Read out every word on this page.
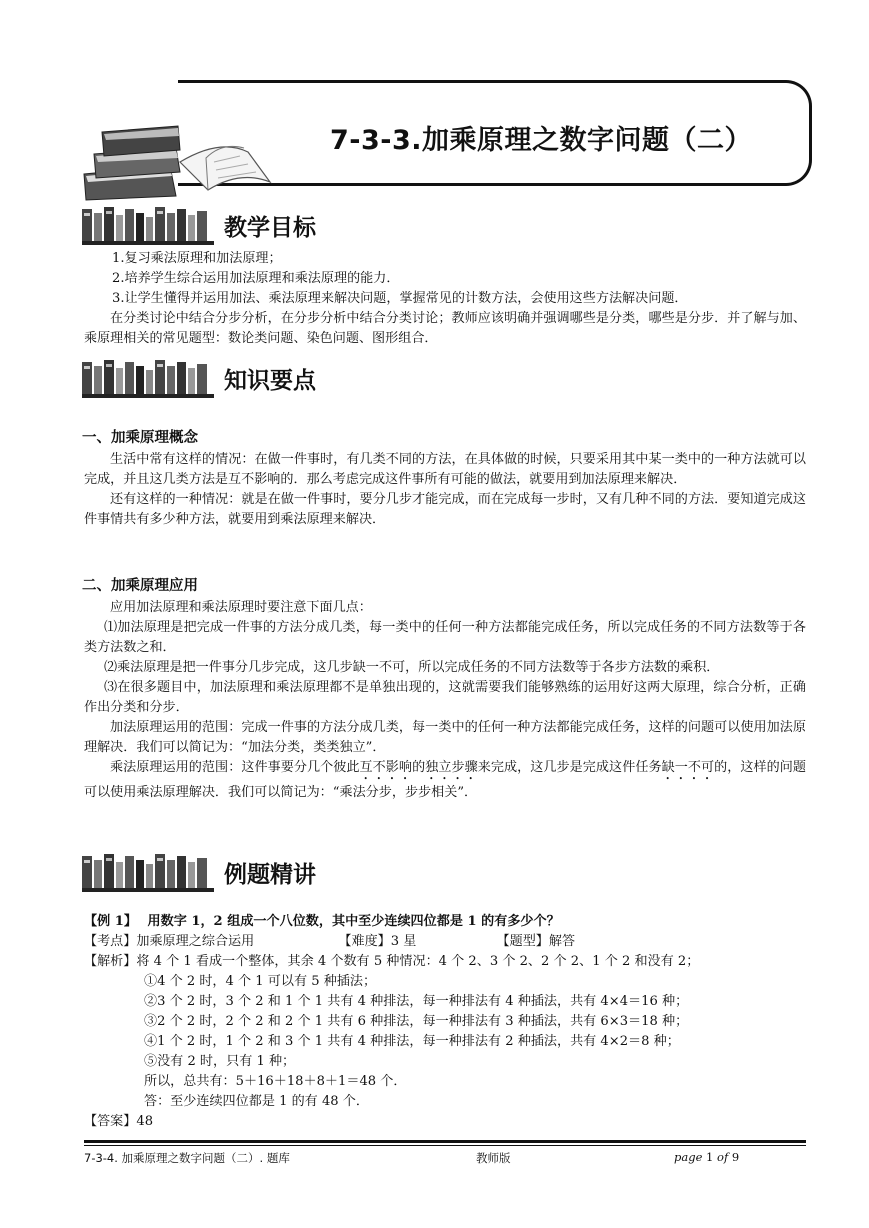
7-3-3.加乘原理之数字问题（二）
教学目标

1.复习乘法原理和加法原理；

2.培养学生综合运用加法原理和乘法原理的能力．

3.让学生懂得并运用加法、乘法原理来解决问题，掌握常见的计数方法，会使用这些方法解决问题．

在分类讨论中结合分步分析，在分步分析中结合分类讨论；教师应该明确并强调哪些是分类，哪些是分步．并了解与加、乘原理相关的常见题型：数论类问题、染色问题、图形组合．

知识要点
一、加乘原理概念

生活中常有这样的情况：在做一件事时，有几类不同的方法，在具体做的时候，只要采用其中某一类中的一种方法就可以完成，并且这几类方法是互不影响的．那么考虑完成这件事所有可能的做法，就要用到加法原理来解决．

还有这样的一种情况：就是在做一件事时，要分几步才能完成，而在完成每一步时，又有几种不同的方法．要知道完成这件事情共有多少种方法，就要用到乘法原理来解决．

二、加乘原理应用

应用加法原理和乘法原理时要注意下面几点：

⑴加法原理是把完成一件事的方法分成几类，每一类中的任何一种方法都能完成任务，所以完成任务的不同方法数等于各类方法数之和．

⑵乘法原理是把一件事分几步完成，这几步缺一不可，所以完成任务的不同方法数等于各步方法数的乘积．

⑶在很多题目中，加法原理和乘法原理都不是单独出现的，这就需要我们能够熟练的运用好这两大原理，综合分析，正确作出分类和分步．

加法原理运用的范围：完成一件事的方法分成几类，每一类中的任何一种方法都能完成任务，这样的问题可以使用加法原理解决．我们可以简记为：“加法分类，类类独立”．

乘法原理运用的范围：这件事要分几个彼此互不影响的独立步骤来完成，这几步是完成这件任务缺一不可的，这样的问题可以使用乘法原理解决．我们可以简记为：“乘法分步，步步相关”．

例题精讲
【例 1】 用数字 1，2 组成一个八位数，其中至少连续四位都是 1 的有多少个？
【考点】加乘原理之综合运用	【难度】3 星	【题型】解答
【解析】将 4 个 1 看成一个整体，其余 4 个数有 5 种情况：4 个 2、3 个 2、2 个 2、1 个 2 和没有 2；
①4 个 2 时，4 个 1 可以有 5 种插法；
②3 个 2 时，3 个 2 和 1 个 1 共有 4 种排法，每一种排法有 4 种插法，共有 4×4＝16 种；
③2 个 2 时，2 个 2 和 2 个 1 共有 6 种排法，每一种排法有 3 种插法，共有 6×3＝18 种；
④1 个 2 时，1 个 2 和 3 个 1 共有 4 种排法，每一种排法有 2 种插法，共有 4×2＝8 种；
⑤没有 2 时，只有 1 种；
所以，总共有：5＋16＋18＋8＋1＝48 个．
答：至少连续四位都是 1 的有 48 个．
【答案】48
7-3-4. 加乘原理之数字问题（二）. 题库	教师版	page 1 of 9
